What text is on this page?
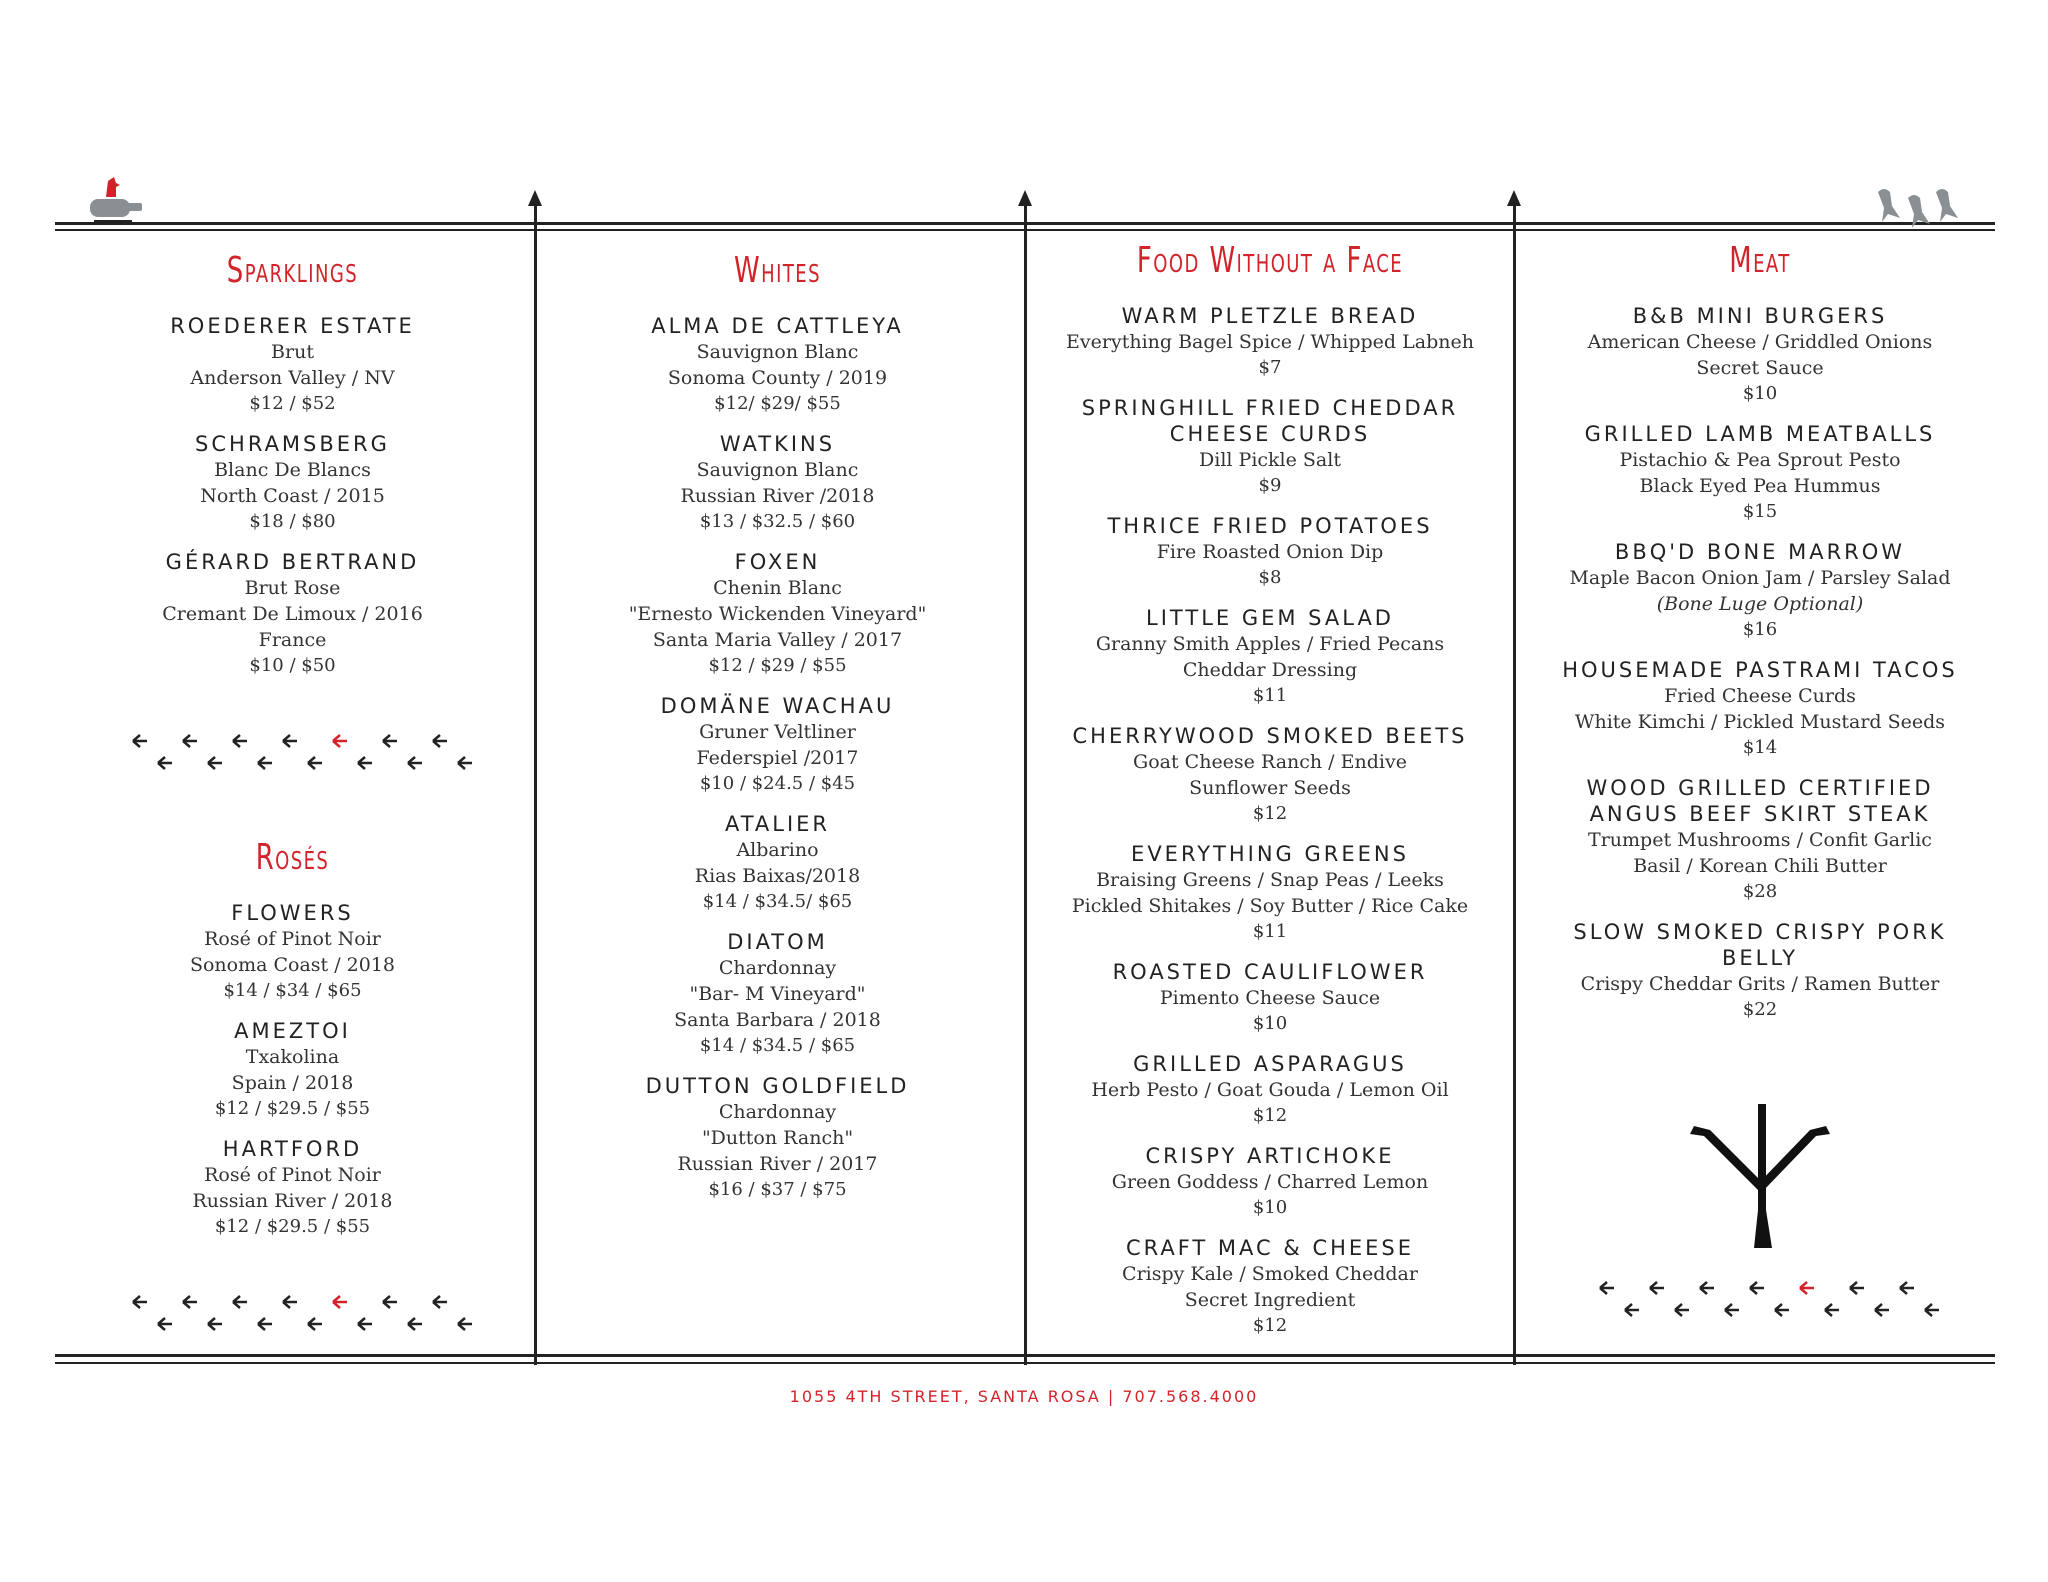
Sparklings
ROEDERER ESTATE
Brut
Anderson Valley / NV
$12 / $52
SCHRAMSBERG
Blanc De Blancs
North Coast / 2015
$18 / $80
GÉRARD BERTRAND
Brut Rose
Cremant De Limoux / 2016
France
$10 / $50
Rosés
FLOWERS
Rosé of Pinot Noir
Sonoma Coast / 2018
$14 / $34 / $65
AMEZTOI
Txakolina
Spain / 2018
$12 / $29.5 / $55
HARTFORD
Rosé of Pinot Noir
Russian River / 2018
$12 / $29.5 / $55
Whites
ALMA DE CATTLEYA
Sauvignon Blanc
Sonoma County / 2019
$12/ $29/ $55
WATKINS
Sauvignon Blanc
Russian River /2018
$13 / $32.5 / $60
FOXEN
Chenin Blanc
"Ernesto Wickenden Vineyard"
Santa Maria Valley / 2017
$12 / $29 / $55
DOMÄNE WACHAU
Gruner Veltliner
Federspiel /2017
$10 / $24.5 / $45
ATALIER
Albarino
Rias Baixas/2018
$14 / $34.5/ $65
DIATOM
Chardonnay
"Bar- M Vineyard"
Santa Barbara / 2018
$14 / $34.5 / $65
DUTTON GOLDFIELD
Chardonnay
"Dutton Ranch"
Russian River / 2017
$16 / $37 / $75
Food Without a Face
WARM PLETZLE BREAD
Everything Bagel Spice / Whipped Labneh
$7
SPRINGHILL FRIED CHEDDAR CHEESE CURDS
Dill Pickle Salt
$9
THRICE FRIED POTATOES
Fire Roasted Onion Dip
$8
LITTLE GEM SALAD
Granny Smith Apples / Fried Pecans
Cheddar Dressing
$11
CHERRYWOOD SMOKED BEETS
Goat Cheese Ranch / Endive
Sunflower Seeds
$12
EVERYTHING GREENS
Braising Greens / Snap Peas / Leeks
Pickled Shitakes / Soy Butter / Rice Cake
$11
ROASTED CAULIFLOWER
Pimento Cheese Sauce
$10
GRILLED ASPARAGUS
Herb Pesto / Goat Gouda / Lemon Oil
$12
CRISPY ARTICHOKE
Green Goddess / Charred Lemon
$10
CRAFT MAC & CHEESE
Crispy Kale / Smoked Cheddar
Secret Ingredient
$12
Meat
B&B MINI BURGERS
American Cheese / Griddled Onions
Secret Sauce
$10
GRILLED LAMB MEATBALLS
Pistachio & Pea Sprout Pesto
Black Eyed Pea Hummus
$15
BBQ'D BONE MARROW
Maple Bacon Onion Jam / Parsley Salad
(Bone Luge Optional)
$16
HOUSEMADE PASTRAMI TACOS
Fried Cheese Curds
White Kimchi / Pickled Mustard Seeds
$14
WOOD GRILLED CERTIFIED ANGUS BEEF SKIRT STEAK
Trumpet Mushrooms / Confit Garlic
Basil / Korean Chili Butter
$28
SLOW SMOKED CRISPY PORK BELLY
Crispy Cheddar Grits / Ramen Butter
$22
1055 4TH STREET, SANTA ROSA | 707.568.4000
